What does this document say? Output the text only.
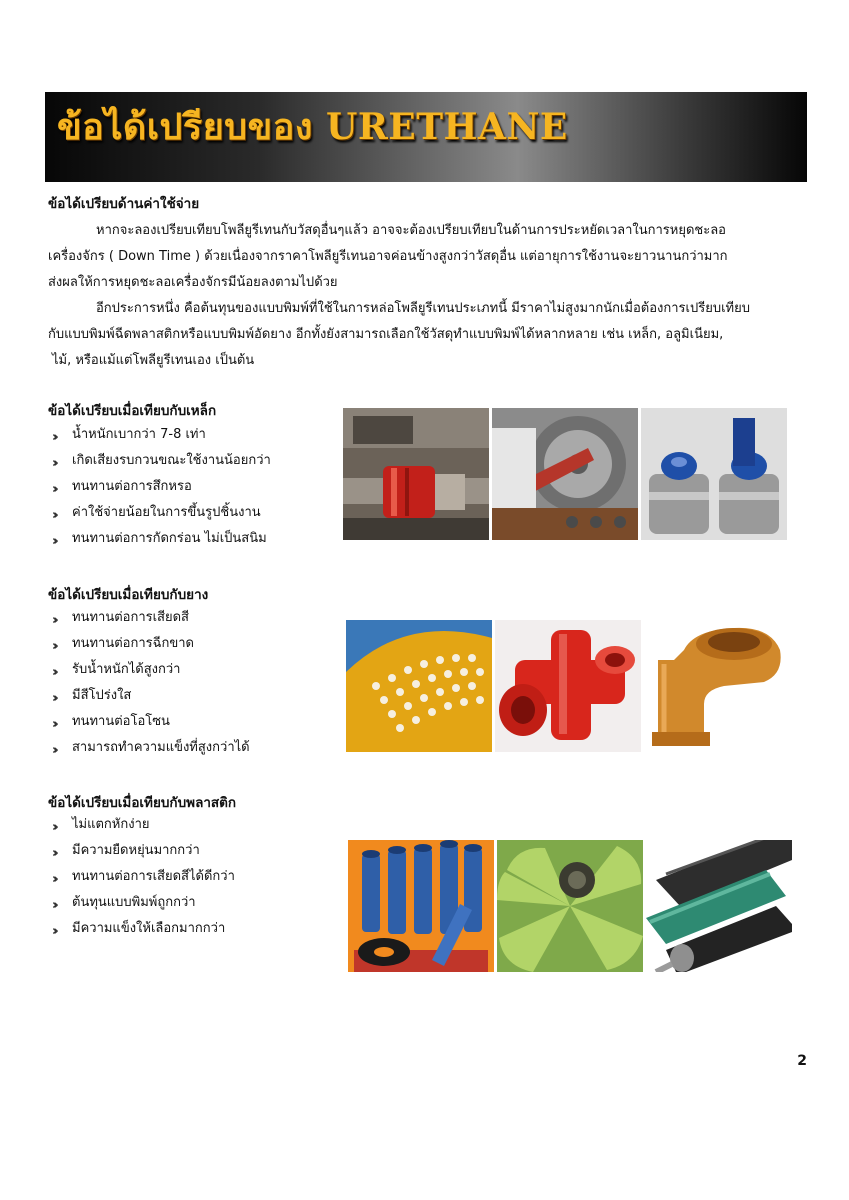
ข้อได้เปรียบของ URETHANE
ข้อได้เปรียบด้านค่าใช้จ่าย

หากจะลองเปรียบเทียบโพลียูรีเทนกับวัสดุอื่นๆแล้ว อาจจะต้องเปรียบเทียบในด้านการประหยัดเวลาในการหยุดชะลอ

เครื่องจักร ( Down Time ) ด้วยเนื่องจากราคาโพลียูรีเทนอาจค่อนข้างสูงกว่าวัสดุอื่น แต่อายุการใช้งานจะยาวนานกว่ามาก

ส่งผลให้การหยุดชะลอเครื่องจักรมีน้อยลงตามไปด้วย

อีกประการหนึ่ง คือต้นทุนของแบบพิมพ์ที่ใช้ในการหล่อโพลียูรีเทนประเภทนี้ มีราคาไม่สูงมากนักเมื่อต้องการเปรียบเทียบ

กับแบบพิมพ์ฉีดพลาสติกหรือแบบพิมพ์อัดยาง อีกทั้งยังสามารถเลือกใช้วัสดุทำแบบพิมพ์ได้หลากหลาย เช่น เหล็ก, อลูมิเนียม,

ไม้, หรือแม้แต่โพลียูรีเทนเอง เป็นต้น

ข้อได้เปรียบเมื่อเทียบกับเหล็ก
›› น้ำหนักเบากว่า 7-8 เท่า
›› เกิดเสียงรบกวนขณะใช้งานน้อยกว่า
›› ทนทานต่อการสึกหรอ
›› ค่าใช้จ่ายน้อยในการขึ้นรูปชิ้นงาน
›› ทนทานต่อการกัดกร่อน ไม่เป็นสนิม
ข้อได้เปรียบเมื่อเทียบกับยาง
›› ทนทานต่อการเสียดสี
›› ทนทานต่อการฉีกขาด
›› รับน้ำหนักได้สูงกว่า
›› มีสีโปร่งใส
›› ทนทานต่อโอโซน
›› สามารถทำความแข็งที่สูงกว่าได้
ข้อได้เปรียบเมื่อเทียบกับพลาสติก
›› ไม่แตกหักง่าย
›› มีความยืดหยุ่นมากกว่า
›› ทนทานต่อการเสียดสีได้ดีกว่า
›› ต้นทุนแบบพิมพ์ถูกกว่า
›› มีความแข็งให้เลือกมากกว่า
2
